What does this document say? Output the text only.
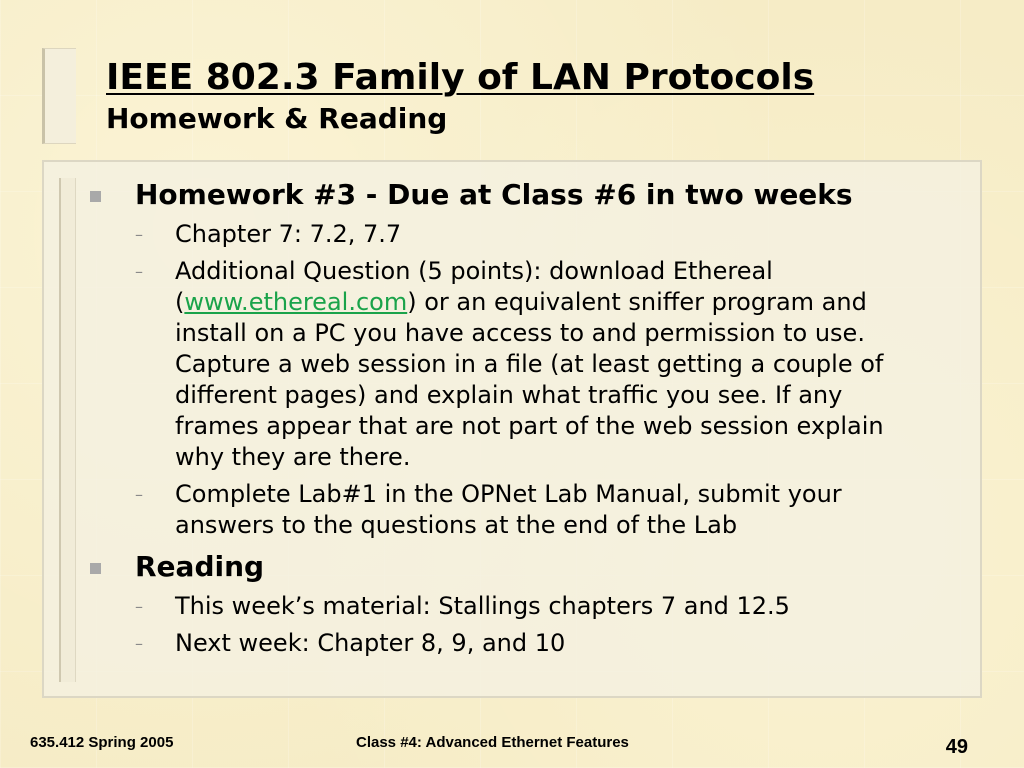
IEEE 802.3 Family of LAN Protocols
Homework & Reading
Homework #3 - Due at Class #6 in two weeks
– Chapter 7: 7.2, 7.7
– Additional Question (5 points): download Ethereal
(www.ethereal.com) or an equivalent sniffer program and
install on a PC you have access to and permission to use.
Capture a web session in a file (at least getting a couple of
different pages) and explain what traffic you see. If any
frames appear that are not part of the web session explain
why they are there.
– Complete Lab#1 in the OPNet Lab Manual, submit your
answers to the questions at the end of the Lab
Reading
– This week’s material: Stallings chapters 7 and 12.5
– Next week: Chapter 8, 9, and 10
635.412 Spring 2005	Class #4: Advanced Ethernet Features	49
